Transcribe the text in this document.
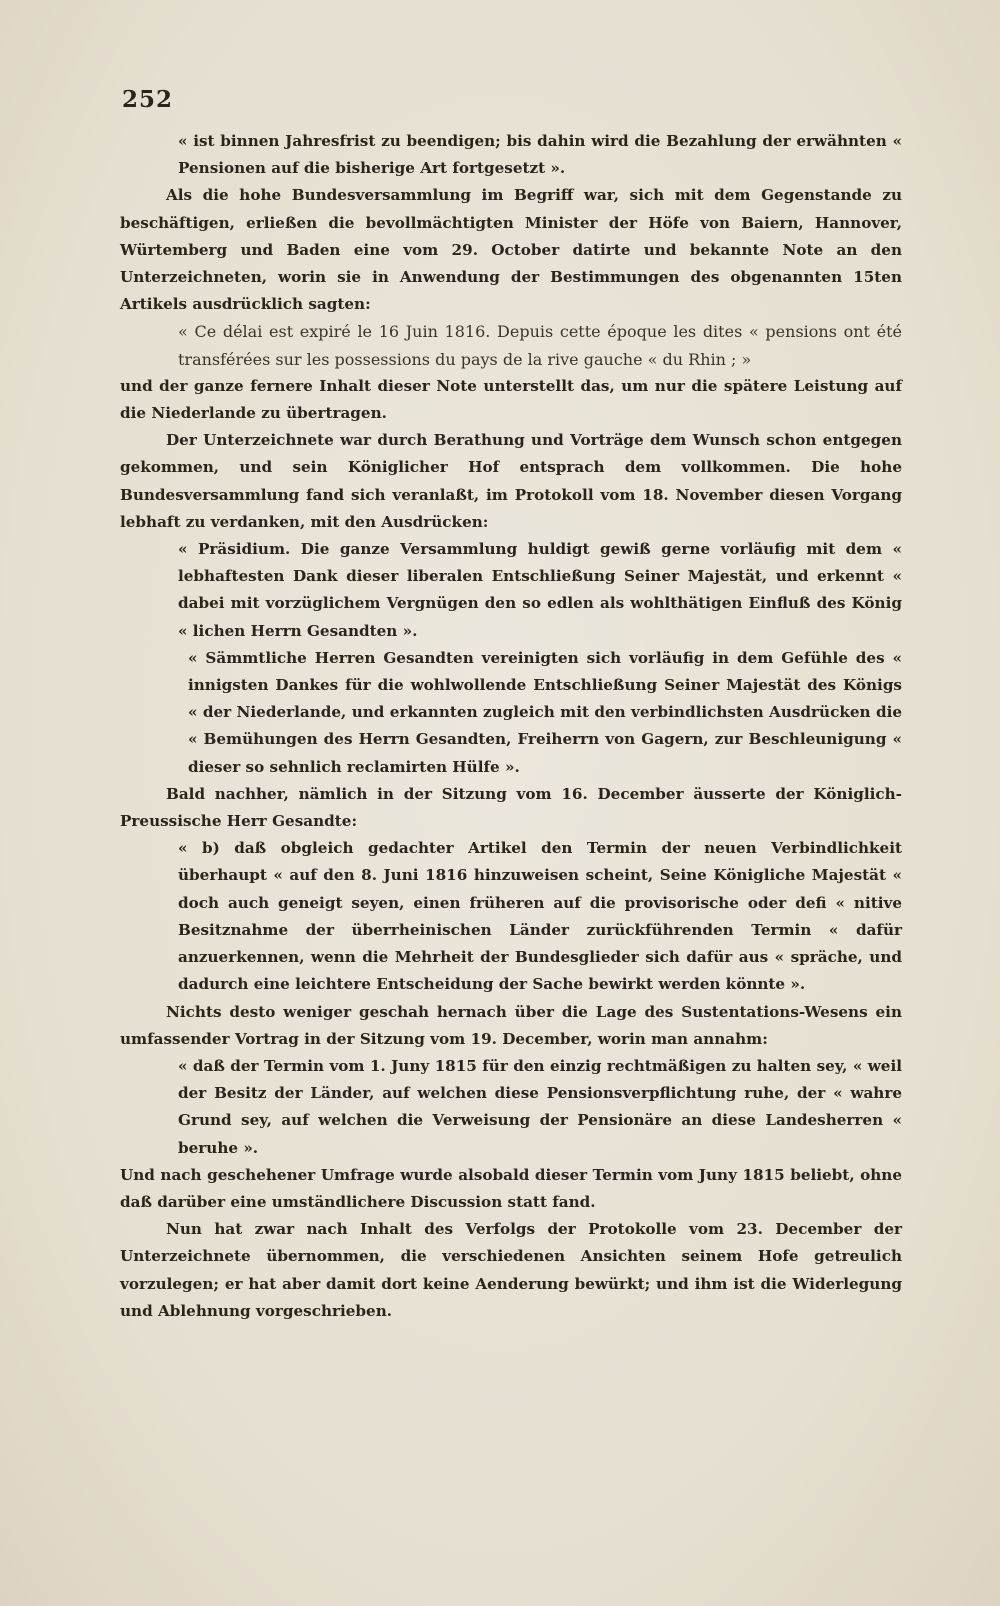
252

« ist binnen Jahresfrist zu beendigen; bis dahin wird die Bezahlung der erwähnten « Pensionen auf die bisherige Art fortgesetzt ».

Als die hohe Bundesversammlung im Begriff war, sich mit dem Gegenstande zu beschäftigen, erließen die bevollmächtigten Minister der Höfe von Baiern, Hannover, Würtemberg und Baden eine vom 29. October datirte und bekannte Note an den Unterzeichneten, worin sie in Anwendung der Bestimmungen des obgenannten 15ten Artikels ausdrücklich sagten:

« Ce délai est expiré le 16 Juin 1816. Depuis cette époque les dites « pensions ont été transférées sur les possessions du pays de la rive gauche « du Rhin ; »

und der ganze fernere Inhalt dieser Note unterstellt das, um nur die spätere Leistung auf die Niederlande zu übertragen.

Der Unterzeichnete war durch Berathung und Vorträge dem Wunsch schon entgegen gekommen, und sein Königlicher Hof entsprach dem vollkommen. Die hohe Bundesversammlung fand sich veranlaßt, im Protokoll vom 18. November diesen Vorgang lebhaft zu verdanken, mit den Ausdrücken:

« Präsidium. Die ganze Versammlung huldigt gewiß gerne vorläufig mit dem « lebhaftesten Dank dieser liberalen Entschließung Seiner Majestät, und erkennt « dabei mit vorzüglichem Vergnügen den so edlen als wohlthätigen Einfluß des König « lichen Herrn Gesandten ».

« Sämmtliche Herren Gesandten vereinigten sich vorläufig in dem Gefühle des « innigsten Dankes für die wohlwollende Entschließung Seiner Majestät des Königs « der Niederlande, und erkannten zugleich mit den verbindlichsten Ausdrücken die « Bemühungen des Herrn Gesandten, Freiherrn von Gagern, zur Beschleunigung « dieser so sehnlich reclamirten Hülfe ».

Bald nachher, nämlich in der Sitzung vom 16. December äusserte der Königlich-Preussische Herr Gesandte:

« b) daß obgleich gedachter Artikel den Termin der neuen Verbindlichkeit überhaupt « auf den 8. Juni 1816 hinzuweisen scheint, Seine Königliche Majestät « doch auch geneigt seyen, einen früheren auf die provisorische oder defi « nitive Besitznahme der überrheinischen Länder zurückführenden Termin « dafür anzuerkennen, wenn die Mehrheit der Bundesglieder sich dafür aus « spräche, und dadurch eine leichtere Entscheidung der Sache bewirkt werden könnte ».

Nichts desto weniger geschah hernach über die Lage des Sustentations-Wesens ein umfassender Vortrag in der Sitzung vom 19. December, worin man annahm:

« daß der Termin vom 1. Juny 1815 für den einzig rechtmäßigen zu halten sey, « weil der Besitz der Länder, auf welchen diese Pensionsverpflichtung ruhe, der « wahre Grund sey, auf welchen die Verweisung der Pensionäre an diese Landesherren « beruhe ».

Und nach geschehener Umfrage wurde alsobald dieser Termin vom Juny 1815 beliebt, ohne daß darüber eine umständlichere Discussion statt fand.

Nun hat zwar nach Inhalt des Verfolgs der Protokolle vom 23. December der Unterzeichnete übernommen, die verschiedenen Ansichten seinem Hofe getreulich vorzulegen; er hat aber damit dort keine Aenderung bewürkt; und ihm ist die Widerlegung und Ablehnung vorgeschrieben.
